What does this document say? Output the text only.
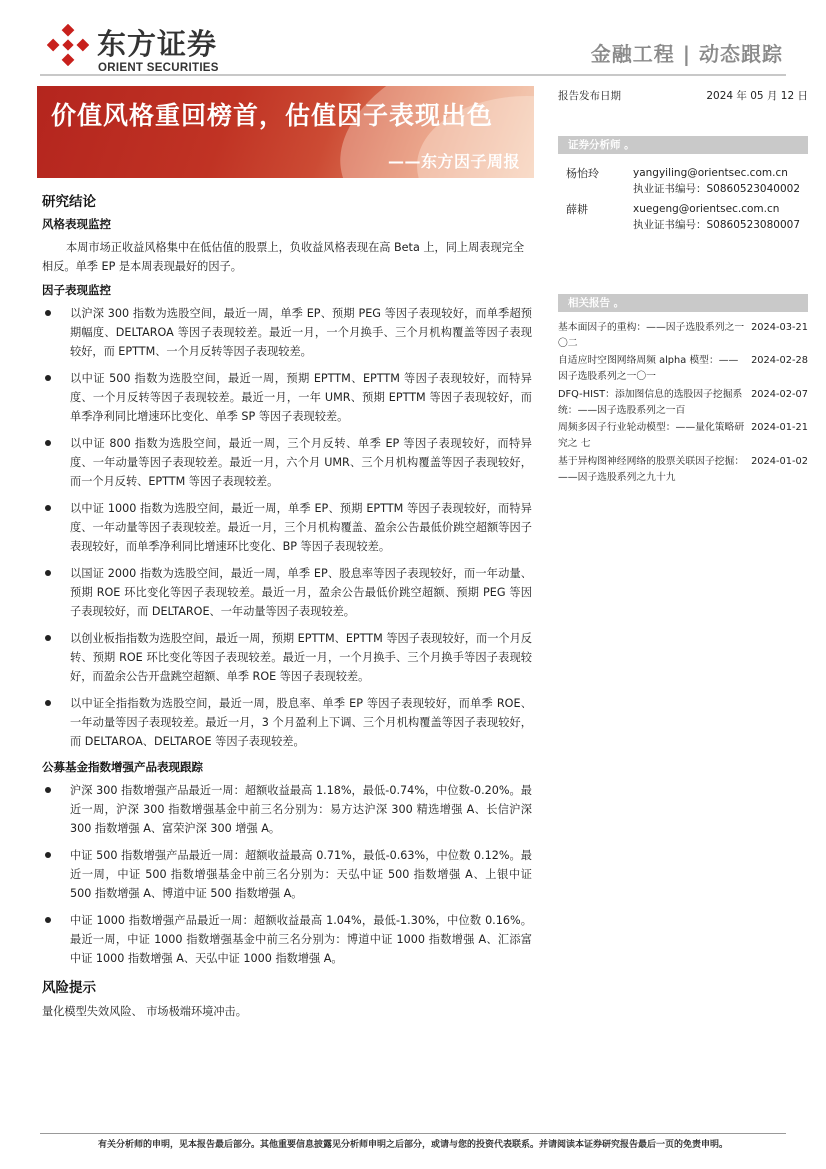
东方证券
ORIENT SECURITIES
金融工程 | 动态跟踪
价值风格重回榜首，估值因子表现出色
——东方因子周报
报告发布日期	2024 年 05 月 12 日
证券分析师 。
杨怡玲	yangyiling@orientsec.com.cn
执业证书编号：S0860523040002
薛耕	xuegeng@orientsec.com.cn
执业证书编号：S0860523080007
相关报告 。
基本面因子的重构：——因子选股系列之一〇二
2024-03-21
自适应时空图网络周频 alpha 模型：——因子选股系列之一〇一
2024-02-28
DFQ-HIST：添加图信息的选股因子挖掘系统：——因子选股系列之一百
2024-02-07
周频多因子行业轮动模型：——量化策略研究之 七
2024-01-21
基于异构图神经网络的股票关联因子挖掘：——因子选股系列之九十九
2024-01-02
研究结论
风格表现监控

本周市场正收益风格集中在低估值的股票上，负收益风格表现在高 Beta 上，同上周表现完全相反。单季 EP 是本周表现最好的因子。

因子表现监控
以沪深 300 指数为选股空间，最近一周，单季 EP、预期 PEG 等因子表现较好，而单季超预期幅度、DELTAROA 等因子表现较差。最近一月，一个月换手、三个月机构覆盖等因子表现较好，而 EPTTM、一个月反转等因子表现较差。
以中证 500 指数为选股空间，最近一周，预期 EPTTM、EPTTM 等因子表现较好，而特异度、一个月反转等因子表现较差。最近一月，一年 UMR、预期 EPTTM 等因子表现较好，而单季净利同比增速环比变化、单季 SP 等因子表现较差。
以中证 800 指数为选股空间，最近一周，三个月反转、单季 EP 等因子表现较好，而特异度、一年动量等因子表现较差。最近一月，六个月 UMR、三个月机构覆盖等因子表现较好，而一个月反转、EPTTM 等因子表现较差。
以中证 1000 指数为选股空间，最近一周，单季 EP、预期 EPTTM 等因子表现较好，而特异度、一年动量等因子表现较差。最近一月，三个月机构覆盖、盈余公告最低价跳空超额等因子表现较好，而单季净利同比增速环比变化、BP 等因子表现较差。
以国证 2000 指数为选股空间，最近一周，单季 EP、股息率等因子表现较好，而一年动量、预期 ROE 环比变化等因子表现较差。最近一月，盈余公告最低价跳空超额、预期 PEG 等因子表现较好，而 DELTAROE、一年动量等因子表现较差。
以创业板指指数为选股空间，最近一周，预期 EPTTM、EPTTM 等因子表现较好，而一个月反转、预期 ROE 环比变化等因子表现较差。最近一月，一个月换手、三个月换手等因子表现较好，而盈余公告开盘跳空超额、单季 ROE 等因子表现较差。
以中证全指指数为选股空间，最近一周，股息率、单季 EP 等因子表现较好，而单季 ROE、一年动量等因子表现较差。最近一月，3 个月盈利上下调、三个月机构覆盖等因子表现较好，而 DELTAROA、DELTAROE 等因子表现较差。
公募基金指数增强产品表现跟踪
沪深 300 指数增强产品最近一周：超额收益最高 1.18%，最低-0.74%，中位数-0.20%。最近一周，沪深 300 指数增强基金中前三名分别为：易方达沪深 300 精选增强 A、长信沪深 300 指数增强 A、富荣沪深 300 增强 A。
中证 500 指数增强产品最近一周：超额收益最高 0.71%，最低-0.63%，中位数 0.12%。最近一周，中证 500 指数增强基金中前三名分别为：天弘中证 500 指数增强 A、上银中证 500 指数增强 A、博道中证 500 指数增强 A。
中证 1000 指数增强产品最近一周：超额收益最高 1.04%，最低-1.30%，中位数 0.16%。最近一周，中证 1000 指数增强基金中前三名分别为：博道中证 1000 指数增强 A、汇添富中证 1000 指数增强 A、天弘中证 1000 指数增强 A。
风险提示

量化模型失效风险、 市场极端环境冲击。

有关分析师的申明，见本报告最后部分。其他重要信息披露见分析师申明之后部分，或请与您的投资代表联系。并请阅读本证券研究报告最后一页的免责申明。
